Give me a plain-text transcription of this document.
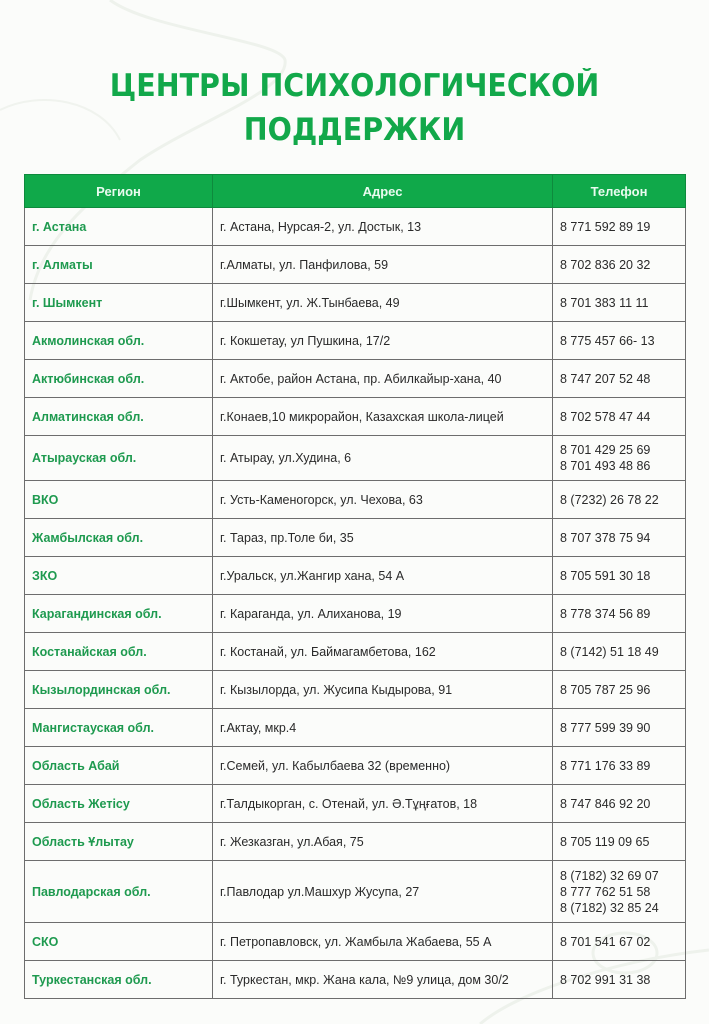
ЦЕНТРЫ ПСИХОЛОГИЧЕСКОЙ
ПОДДЕРЖКИ
Регион	Адрес	Телефон
г. Астана	г. Астана, Нурсая-2, ул. Достык, 13	8 771 592 89 19

г. Алматы	г.Алматы, ул. Панфилова, 59	8 702 836 20 32

г. Шымкент	г.Шымкент, ул. Ж.Тынбаева, 49	8 701 383 11 11

Акмолинская обл.	г. Кокшетау, ул Пушкина, 17/2	8 775 457 66- 13

Актюбинская обл.	г. Актобе, район Астана, пр. Абилкайыр-хана, 40	8 747 207 52 48

Алматинская обл.	г.Конаев,10 микрорайон, Казахская школа-лицей	8 702 578 47 44

Атырауская обл.	г. Атырау, ул.Худина, 6	8 701 429 25 69
8 701 493 48 86

ВКО	г. Усть-Каменогорск, ул. Чехова, 63	8 (7232) 26 78 22

Жамбылская обл.	г. Тараз, пр.Толе би, 35	8 707 378 75 94

ЗКО	г.Уральск, ул.Жангир хана, 54 А	8 705 591 30 18

Карагандинская обл.	г. Караганда, ул. Алиханова, 19	8 778 374 56 89

Костанайская обл.	г. Костанай, ул. Баймагамбетова, 162	8 (7142) 51 18 49

Кызылординская обл.	г. Кызылорда, ул. Жусипа Кыдырова, 91	8 705 787 25 96

Мангистауская обл.	г.Актау, мкр.4	8 777 599 39 90

Область Абай	г.Семей, ул. Кабылбаева 32 (временно)	8 771 176 33 89

Область Жетісу	г.Талдыкорган, с. Отенай, ул. Ә.Тұңғатов, 18	8 747 846 92 20

Область Ұлытау	г. Жезказган, ул.Абая, 75	8 705 119 09 65

Павлодарская обл.	г.Павлодар ул.Машхур Жусупа, 27	8 (7182) 32 69 07
8 777 762 51 58
8 (7182) 32 85 24

СКО	г. Петропавловск, ул. Жамбыла Жабаева, 55 А	8 701 541 67 02

Туркестанская обл.	г. Туркестан, мкр. Жана кала, №9 улица, дом 30/2	8 702 991 31 38
